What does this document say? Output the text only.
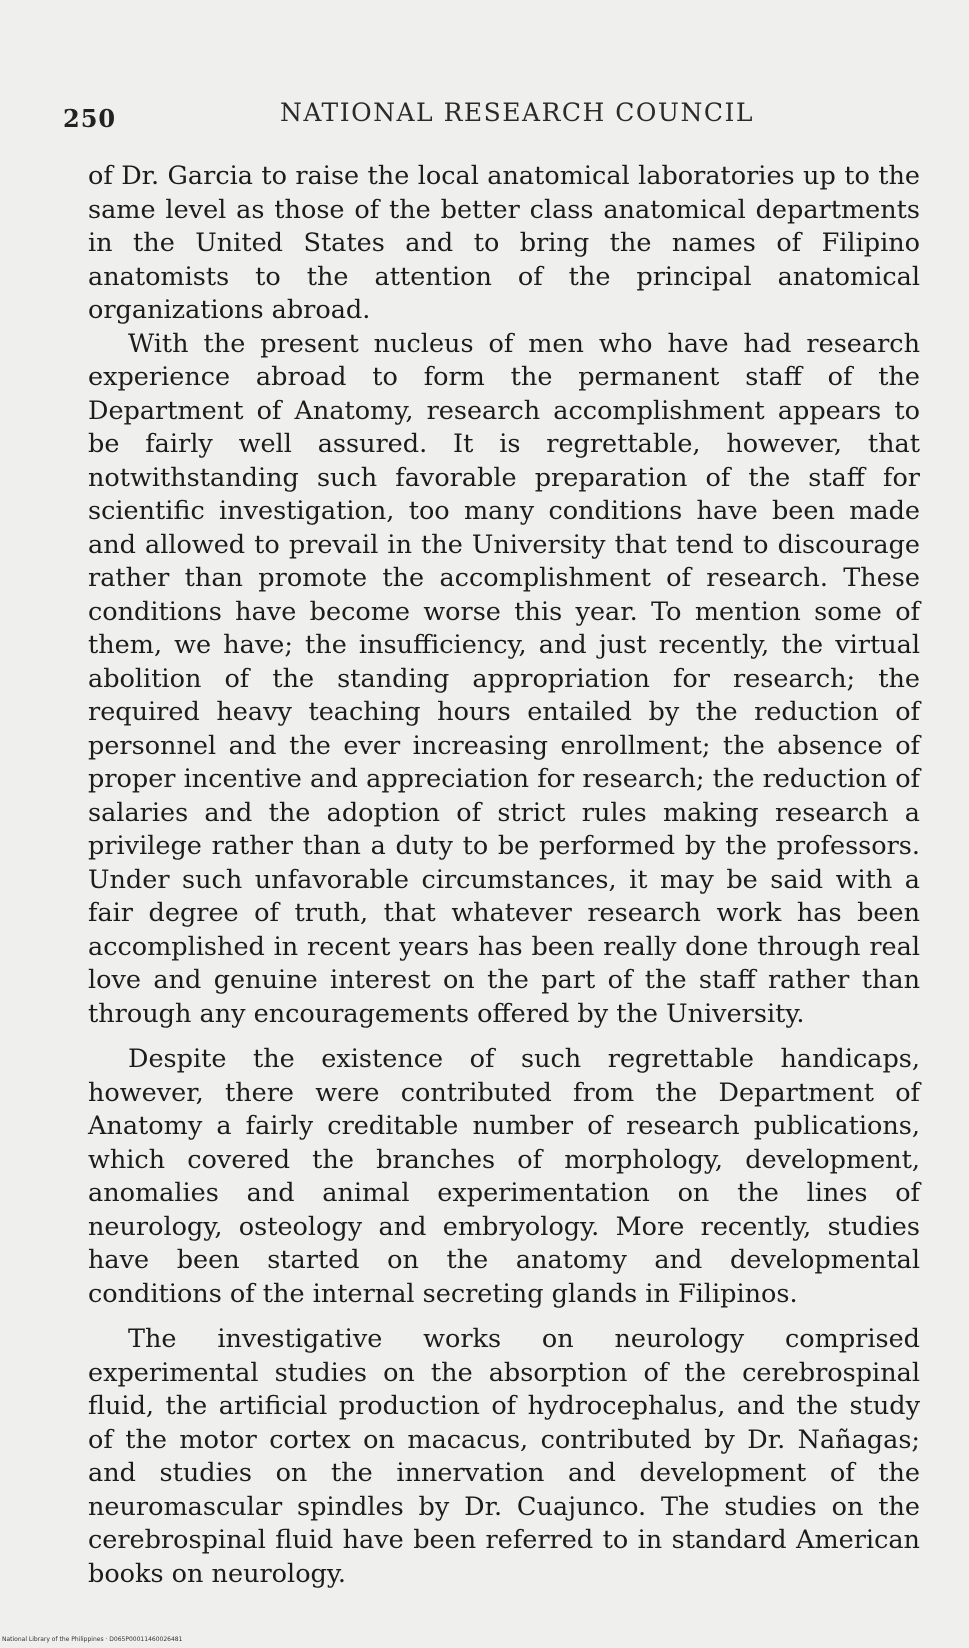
250	NATIONAL RESEARCH COUNCIL

of Dr. Garcia to raise the local anatomical laboratories up to the same level as those of the better class anatomical departments in the United States and to bring the names of Filipino anatomists to the attention of the principal anatomical organizations abroad.

With the present nucleus of men who have had research experience abroad to form the permanent staff of the Department of Anatomy, research accomplishment appears to be fairly well assured. It is regrettable, however, that notwithstanding such favorable preparation of the staff for scientific investigation, too many conditions have been made and allowed to prevail in the University that tend to discourage rather than promote the accomplishment of research. These conditions have become worse this year. To mention some of them, we have; the insufficiency, and just recently, the virtual abolition of the standing appropriation for research; the required heavy teaching hours entailed by the reduction of personnel and the ever increasing enrollment; the absence of proper incentive and appreciation for research; the reduction of salaries and the adoption of strict rules making research a privilege rather than a duty to be performed by the professors. Under such unfavorable circumstances, it may be said with a fair degree of truth, that whatever research work has been accomplished in recent years has been really done through real love and genuine interest on the part of the staff rather than through any encouragements offered by the University.

Despite the existence of such regrettable handicaps, however, there were contributed from the Department of Anatomy a fairly creditable number of research publications, which covered the branches of morphology, development, anomalies and animal experimentation on the lines of neurology, osteology and embryology. More recently, studies have been started on the anatomy and developmental conditions of the internal secreting glands in Filipinos.

The investigative works on neurology comprised experimental studies on the absorption of the cerebrospinal fluid, the artificial production of hydrocephalus, and the study of the motor cortex on macacus, contributed by Dr. Nañagas; and studies on the innervation and development of the neuromascular spindles by Dr. Cuajunco. The studies on the cerebrospinal fluid have been referred to in standard American books on neurology.

National Library of the Philippines · D065P00011460026481
